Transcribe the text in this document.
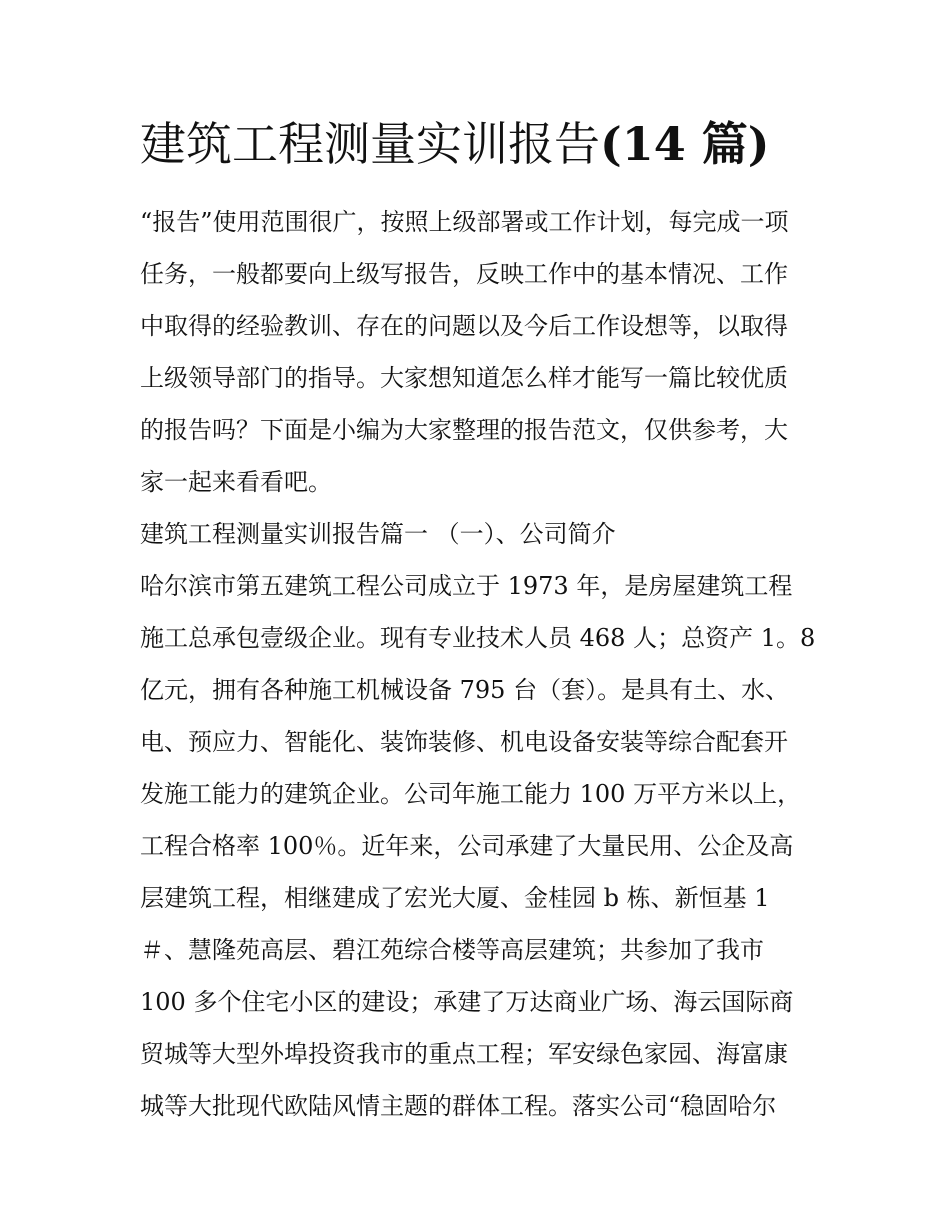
建筑工程测量实训报告(14 篇)
“报告”使用范围很广，按照上级部署或工作计划，每完成一项
任务，一般都要向上级写报告，反映工作中的基本情况、工作
中取得的经验教训、存在的问题以及今后工作设想等，以取得
上级领导部门的指导。大家想知道怎么样才能写一篇比较优质
的报告吗？下面是小编为大家整理的报告范文，仅供参考，大
家一起来看看吧。
建筑工程测量实训报告篇一 （一）、公司简介
哈尔滨市第五建筑工程公司成立于 1973 年，是房屋建筑工程
施工总承包壹级企业。现有专业技术人员 468 人；总资产 1。8
亿元，拥有各种施工机械设备 795 台（套）。是具有土、水、
电、预应力、智能化、装饰装修、机电设备安装等综合配套开
发施工能力的建筑企业。公司年施工能力 100 万平方米以上，
工程合格率 100％。近年来，公司承建了大量民用、公企及高
层建筑工程，相继建成了宏光大厦、金桂园 b 栋、新恒基 1
＃、慧隆苑高层、碧江苑综合楼等高层建筑；共参加了我市
100 多个住宅小区的建设；承建了万达商业广场、海云国际商
贸城等大型外埠投资我市的重点工程；军安绿色家园、海富康
城等大批现代欧陆风情主题的群体工程。落实公司“稳固哈尔
